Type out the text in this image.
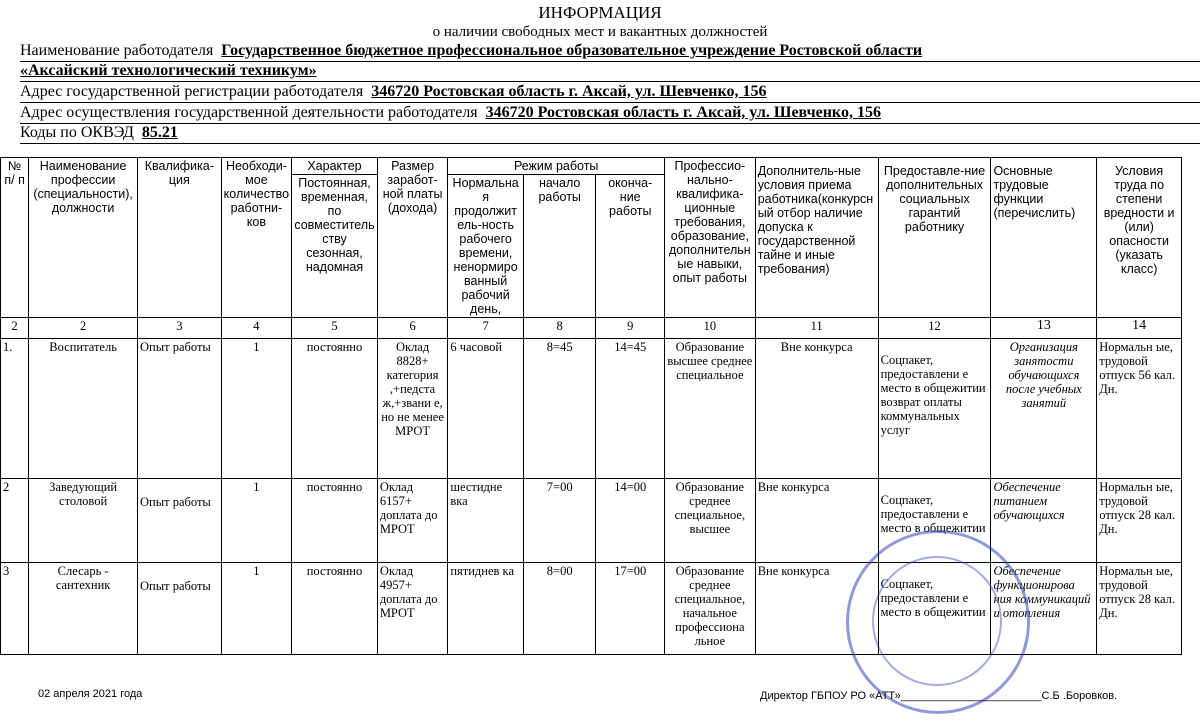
ИНФОРМАЦИЯ
о наличии свободных мест и вакантных должностей
Наименование работодателя Государственное бюджетное профессиональное образовательное учреждение Ростовской области
«Аксайский технологический техникум»
Адрес государственной регистрации работодателя 346720 Ростовская область г. Аксай, ул. Шевченко, 156
Адрес осуществления государственной деятельности работодателя 346720 Ростовская область г. Аксай, ул. Шевченко, 156
Коды по ОКВЭД 85.21
№ п/ п	Наименование профессии (специальности), должности	Квалифика-ция	Необходи-мое количество работни-ков	Характер	Размер заработ-ной платы (дохода)	Режим работы			Профессио-нально-квалифика-ционные требования, образование, дополнительн ые навыки, опыт работы	Дополнитель-ные условия приема работника(конкурсн ый отбор наличие допуска к государственной тайне и иные требования)	Предоставле-ние дополнительных социальных гарантий работнику	Основные трудовые функции (перечислить)	Условия труда по степени вредности и (или) опасности (указать класс)
				Постоянная, временная, по совместитель ству сезонная, надомная		Нормальна я продолжит ель-ность рабочего времени, ненормиро ванный рабочий день,	начало работы	оконча-ние работы					
2	2	3	4	5	6	7	8	9	10	11	12	13	14
1.	Воспитатель	Опыт работы	1	постоянно	Оклад 8828+ категория ,+педста ж,+звани е, но не менее МРОТ	6 часовой	8=45	14=45	Образование высшее среднее специальное	Вне конкурса	Соцпакет, предоставлени е место в общежитии возврат оплаты коммунальных услуг	Организация занятости обучающихся после учебных занятий	Нормальн ые, трудовой отпуск 56 кал. Дн.
2	Заведующий столовой	Опыт работы	1	постоянно	Оклад 6157+ доплата до МРОТ	шестидне вка	7=00	14=00	Образование среднее специальное, высшее	Вне конкурса	Соцпакет, предоставлени е место в общежитии	Обеспечение питанием обучающихся	Нормальн ые, трудовой отпуск 28 кал. Дн.
3	Слесарь - сантехник	Опыт работы	1	постоянно	Оклад 4957+ доплата до МРОТ	пятиднев ка	8=00	17=00	Образование среднее специальное, начальное профессиона льное	Вне конкурса	Соцпакет, предоставлени е место в общежитии	Обеспечение функционирова ния коммуникаций и отопления	Нормальн ые, трудовой отпуск 28 кал. Дн.
02 апреля 2021 года	Директор ГБПОУ РО «АТТ»_______________________С.Б .Боровков.
